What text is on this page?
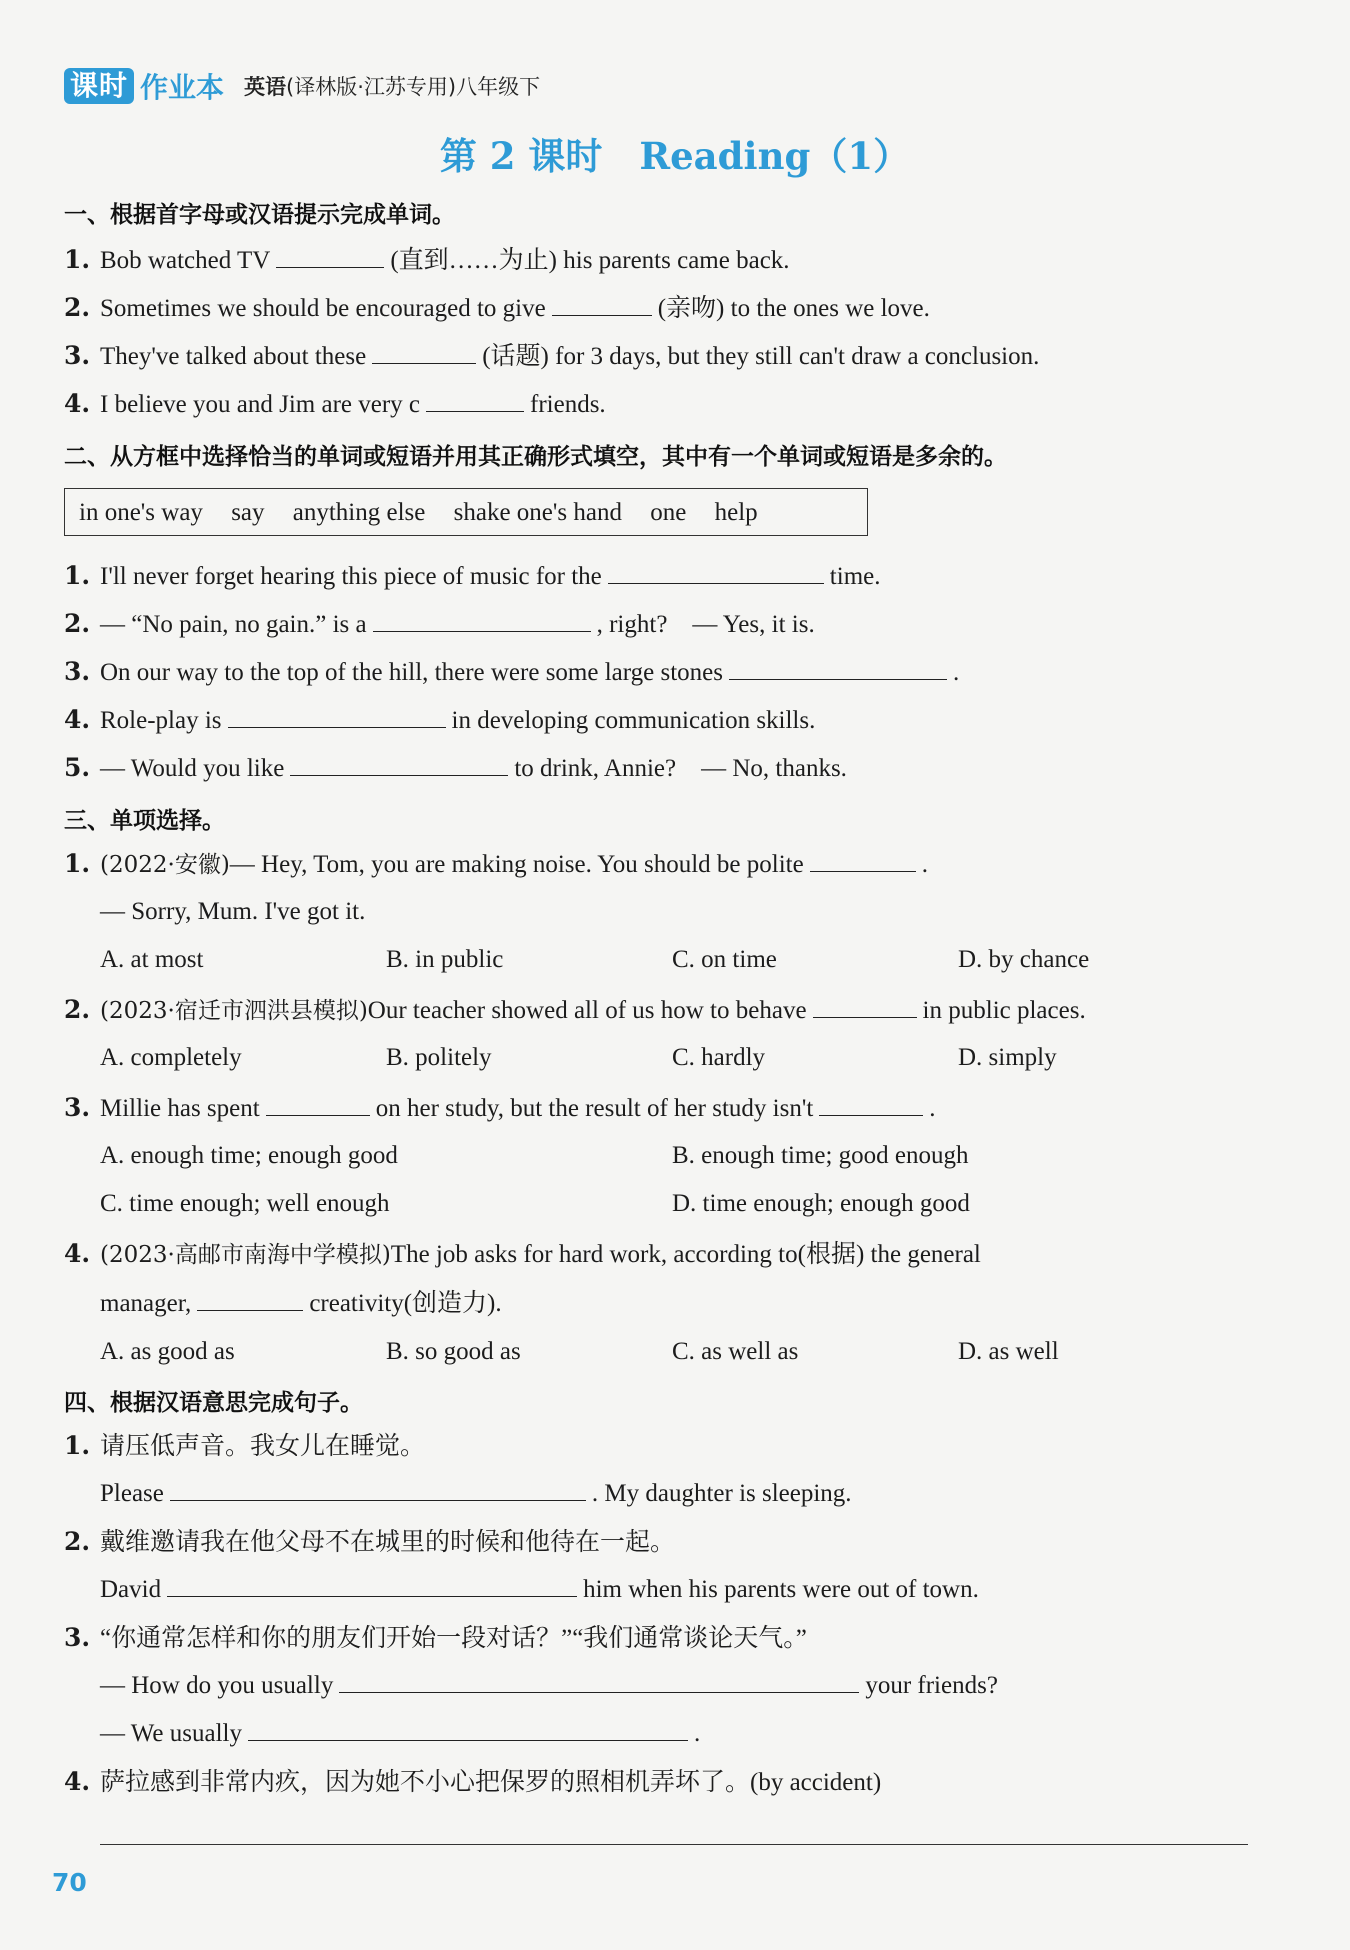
课时 作业本 英语(译林版·江苏专用)八年级下
第 2 课时　Reading（1）
一、根据首字母或汉语提示完成单词。
1. Bob watched TV	(直到……为止) his parents came back.
2. Sometimes we should be encouraged to give	(亲吻) to the ones we love.
3. They've talked about these	(话题) for 3 days, but they still can't draw a conclusion.
4. I believe you and Jim are very c	friends.
二、从方框中选择恰当的单词或短语并用其正确形式填空，其中有一个单词或短语是多余的。
in one's way say anything else shake one's hand one help
1. I'll never forget hearing this piece of music for the	time.
2. — “No pain, no gain.” is a	, right?　— Yes, it is.
3. On our way to the top of the hill, there were some large stones	.
4. Role-play is	in developing communication skills.
5. — Would you like	to drink, Annie?　— No, thanks.
三、单项选择。
1. (2022·安徽)— Hey, Tom, you are making noise. You should be polite	.
— Sorry, Mum. I've got it.
A. at most	B. in public	C. on time	D. by chance
2. (2023·宿迁市泗洪县模拟)Our teacher showed all of us how to behave	in public places.
A. completely	B. politely	C. hardly	D. simply
3. Millie has spent	on her study, but the result of her study isn't	.
A. enough time; enough good	B. enough time; good enough
C. time enough; well enough	D. time enough; enough good
4. (2023·高邮市南海中学模拟)The job asks for hard work, according to(根据) the general
manager,	creativity(创造力).
A. as good as	B. so good as	C. as well as	D. as well
四、根据汉语意思完成句子。
1. 请压低声音。我女儿在睡觉。
Please	. My daughter is sleeping.
2. 戴维邀请我在他父母不在城里的时候和他待在一起。
David	him when his parents were out of town.
3. “你通常怎样和你的朋友们开始一段对话？”“我们通常谈论天气。”
— How do you usually	your friends?
— We usually	.
4. 萨拉感到非常内疚，因为她不小心把保罗的照相机弄坏了。(by accident)
70
